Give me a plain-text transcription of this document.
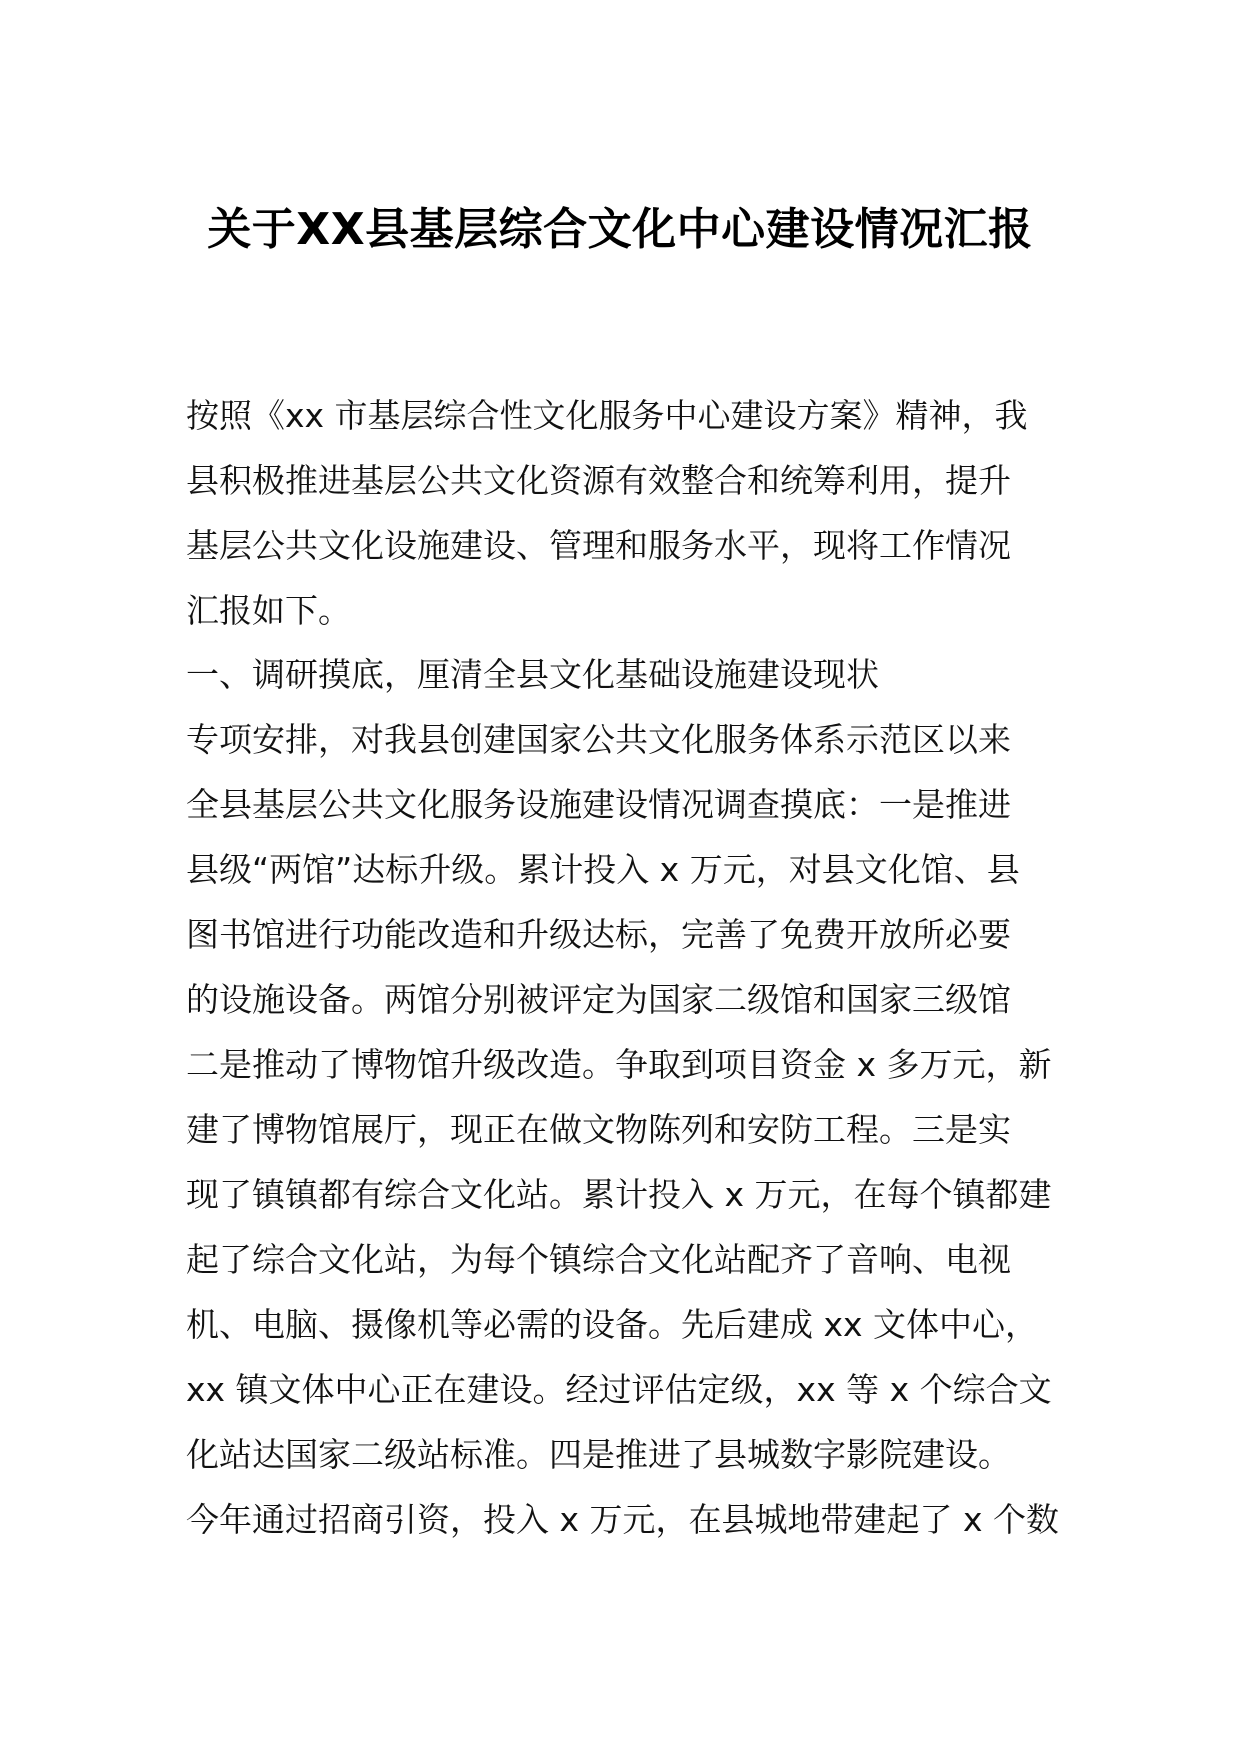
关于XX县基层综合文化中心建设情况汇报
按照《xx 市基层综合性文化服务中心建设方案》精神，我
县积极推进基层公共文化资源有效整合和统筹利用，提升
基层公共文化设施建设、管理和服务水平，现将工作情况
汇报如下。
一、调研摸底，厘清全县文化基础设施建设现状
专项安排，对我县创建国家公共文化服务体系示范区以来
全县基层公共文化服务设施建设情况调查摸底：一是推进
县级“两馆”达标升级。累计投入 x 万元，对县文化馆、县
图书馆进行功能改造和升级达标，完善了免费开放所必要
的设施设备。两馆分别被评定为国家二级馆和国家三级馆
二是推动了博物馆升级改造。争取到项目资金 x 多万元，新
建了博物馆展厅，现正在做文物陈列和安防工程。三是实
现了镇镇都有综合文化站。累计投入 x 万元，在每个镇都建
起了综合文化站，为每个镇综合文化站配齐了音响、电视
机、电脑、摄像机等必需的设备。先后建成 xx 文体中心，
xx 镇文体中心正在建设。经过评估定级，xx 等 x 个综合文
化站达国家二级站标准。四是推进了县城数字影院建设。
今年通过招商引资，投入 x 万元，在县城地带建起了 x 个数
